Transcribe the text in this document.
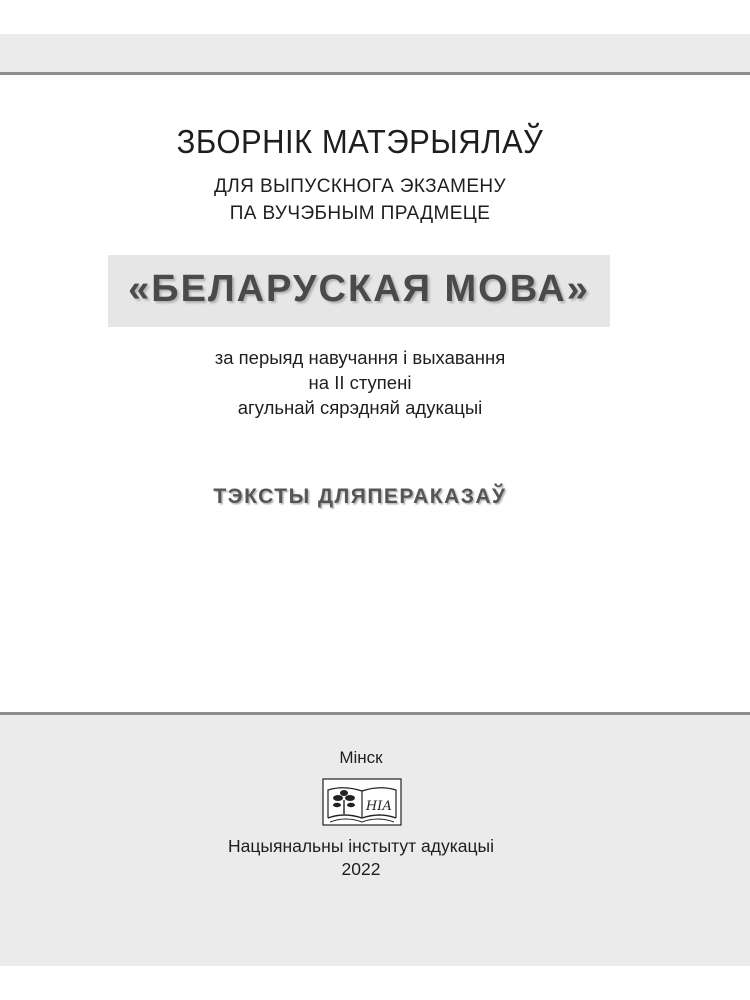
ЗБОРНІК МАТЭРЫЯЛАЎ
ДЛЯ ВЫПУСКНОГА ЭКЗАМЕНУ
ПА ВУЧЭБНЫМ ПРАДМЕЦЕ
«БЕЛАРУСКАЯ МОВА»
за перыяд навучання і выхавання
на II ступені
агульнай сярэдняй адукацыі
ТЭКСТЫ ДЛЯПЕРАКАЗАЎ
Мінск
НІА
Нацыянальны інстытут адукацыі
2022
